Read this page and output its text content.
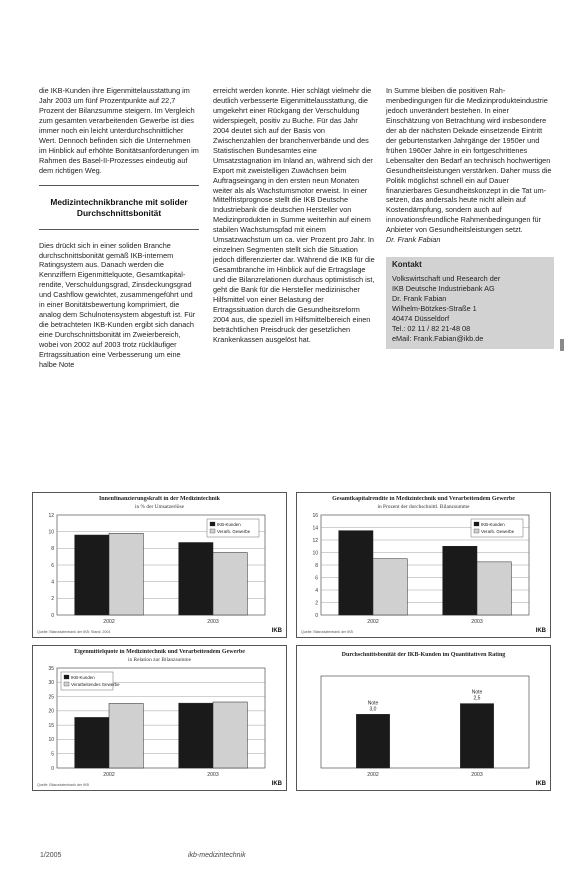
die IKB-Kunden ihre Eigenmittelausstattung im Jahr 2003 um fünf Prozentpunkte auf 22,7 Prozent der Bilanzsumme steigern. Im Vergleich zum gesamten verarbeitenden Gewerbe ist dies immer noch ein leicht unterdurchschnittlicher Wert. Dennoch befinden sich die Unternehmen im Hinblick auf erhöhte Bonitätsanforderungen im Rahmen des Basel-II-Prozesses eindeutig auf dem richtigen Weg.

Medizintechnikbranche mit solider Durchschnittsbonität

Dies drückt sich in einer soliden Branche durchschnittsbonität gemäß IKB-internem Ratingsystem aus. Danach werden die Kennziffern Eigenmittelquote, Gesamtkapitalrendite, Verschuldungsgrad, Zinsdeckungsgrad und Cashflow gewichtet, zusammengeführt und in einer Bonitätsbewertung komprimiert, die analog dem Schulnotensystem abgestuft ist. Für die betrachteten IKB-Kunden ergibt sich danach eine Durchschnittsbonität im Zweierbereich, wobei von 2002 auf 2003 trotz rückläufiger Ertragssituation eine Verbesserung um eine halbe Note

erreicht werden konnte. Hier schlägt vielmehr die deutlich verbesserte Eigenmittelausstattung, die umgekehrt einer Rückgang der Verschuldung widerspiegelt, positiv zu Buche. Für das Jahr 2004 deutet sich auf der Basis von Zwischenzahlen der branchenverbände und des Statistischen Bundesamtes eine Umsatzstagnation im Inland an, während sich der Export mit zweistelligen Zuwächsen beim Auftragseingang in den ersten neun Monaten weiter als als Wachstumsmotor erweist. In einer Mittelfristprognose stellt die IKB Deutsche Industriebank die deutschen Hersteller von Medizinprodukten in Summe weiterhin auf einem stabilen Wachstumspfad mit einem Umsatzwachstum um ca. vier Prozent pro Jahr. In einzelnen Segmenten stellt sich die Situation jedoch differenzierter dar. Während die IKB für die Gesamtbranche im Hinblick auf die Ertragslage und die Bilanzrelationen durchaus optimistisch ist, geht die Bank für die Hersteller medizinischer Hilfsmittel von einer Belastung der Ertragssituation durch die Gesundheitsreform 2004 aus, die speziell im Hilfsmittelbereich einen beträchtlichen Preisdruck der gesetzlichen Krankenkassen ausgelöst hat.

In Summe bleiben die positiven Rahmenbedingungen für die Medizinprodukteindustrie jedoch unverändert bestehen. In einer Einschätzung von Betrachtung wird insbesondere der ab der nächsten Dekade einsetzende Eintritt der geburtenstarken Jahrgänge der 1950er und frühen 1960er Jahre in ein fortgeschrittenes Lebensalter den Bedarf an technisch hochwertigen Gesundheitsleistungen verstärken. Daher muss die Politik möglichst schnell ein auf Dauer finanzierbares Gesundheitskonzept in die Tat umsetzen, das andersals heute nicht allein auf Kostendämpfung, sondern auch auf innovationsfreundliche Rahmenbedingungen für Anbieter von Gesundheitsleistungen setzt.

Dr. Frank Fabian

Kontakt
Volkswirtschaft und Research der
IKB Deutsche Industriebank AG
Dr. Frank Fabian
Wilhelm-Bötzkes-Straße 1
40474 Düsseldorf
Tel.: 02 11 / 82 21-48 08
eMail: Frank.Fabian@ikb.de
Innenfinanzierungskraft in der Medizintechnik
in % der Umsatzerlöse
0
2
4
6
8
10
12
2002	2003
IKB-Kunden
Verarb. Gewerbe
Quelle: Bilanzdatenbank der IKB; Stand: 2004	IKB
Gesamtkapitalrendite in Medizintechnik und Verarbeitendem Gewerbe
in Prozent der durchschnittl. Bilanzsumme
0
2
4
6
8
10
12
14
16
2002	2003
IKB-Kunden
Verarb. Gewerbe
Quelle: Bilanzdatenbank der IKB	IKB
Eigenmittelquote in Medizintechnik und Verarbeitendem Gewerbe
in Relation zur Bilanzsumme
0
5
10
15
20
25
30
35
2002	2003
IKB-Kunden
Verarbeitendes Gewerbe
Quelle: Bilanzdatenbank der IKB	IKB
Durchschnittsbonität der IKB-Kunden im Quantitativen Rating
2002
Note
3,0
2003
Note
2,5
IKB
1/2005	ikb-medizintechnik
